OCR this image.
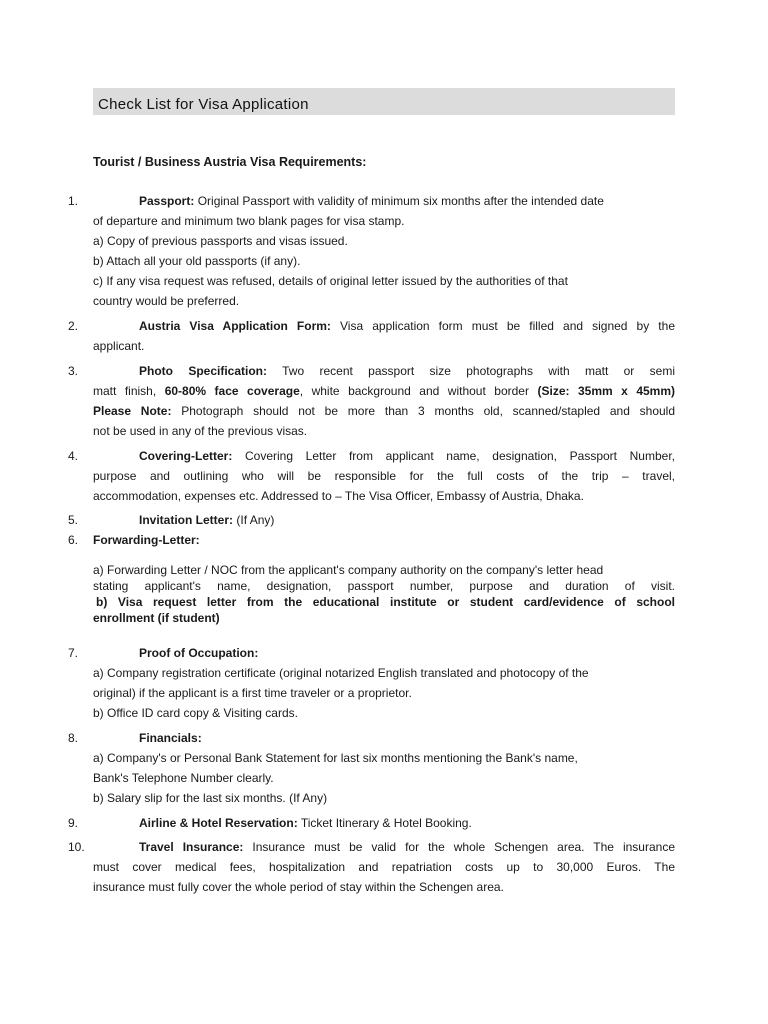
Check List for Visa Application
Tourist / Business Austria Visa Requirements:
1.	Passport: Original Passport with validity of minimum six months after the intended date
of departure and minimum two blank pages for visa stamp.
a) Copy of previous passports and visas issued.
b) Attach all your old passports (if any).
c) If any visa request was refused, details of original letter issued by the authorities of that
country would be preferred.
2.	Austria Visa Application Form: Visa application form must be filled and signed by the
applicant.
3.	Photo Specification: Two recent passport size photographs with matt or semi
matt finish, 60-80% face coverage, white background and without border (Size: 35mm x 45mm)
Please Note: Photograph should not be more than 3 months old, scanned/stapled and should
not be used in any of the previous visas.
4.	Covering-Letter: Covering Letter from applicant name, designation, Passport Number,
purpose and outlining who will be responsible for the full costs of the trip – travel,
accommodation, expenses etc. Addressed to – The Visa Officer, Embassy of Austria, Dhaka.
5.	Invitation Letter: (If Any)
6. Forwarding-Letter:
a) Forwarding Letter / NOC from the applicant's company authority on the company's letter head
stating applicant's name, designation, passport number, purpose and duration of visit.
b) Visa request letter from the educational institute or student card/evidence of school
enrollment (if student)
7.	Proof of Occupation:
a) Company registration certificate (original notarized English translated and photocopy of the
original) if the applicant is a first time traveler or a proprietor.
b) Office ID card copy & Visiting cards.
8.	Financials:
a) Company's or Personal Bank Statement for last six months mentioning the Bank's name,
Bank's Telephone Number clearly.
b) Salary slip for the last six months. (If Any)
9.	Airline & Hotel Reservation: Ticket Itinerary & Hotel Booking.
10.	Travel Insurance: Insurance must be valid for the whole Schengen area. The insurance
must cover medical fees, hospitalization and repatriation costs up to 30,000 Euros. The
insurance must fully cover the whole period of stay within the Schengen area.
